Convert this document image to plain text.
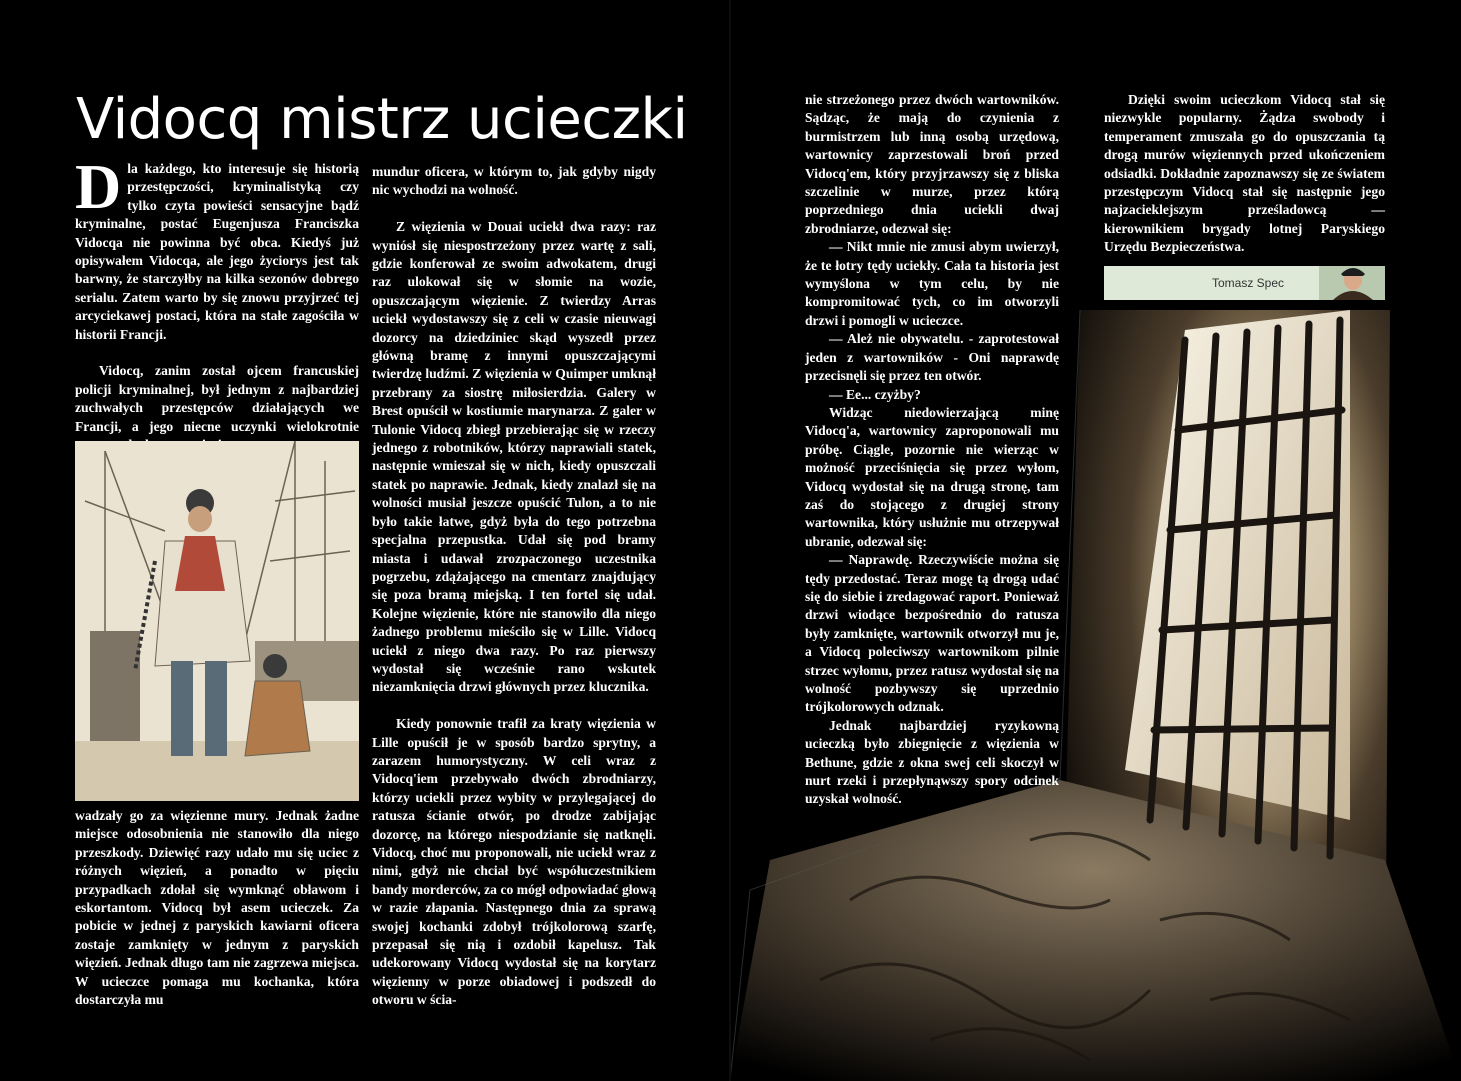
Vidocq mistrz ucieczki

Dla każdego, kto interesuje się historią przestępczości, kryminalistyką czy tylko czyta powieści sensacyjne bądź kryminalne, postać Eugenjusza Franciszka Vidocqa nie powinna być obca. Kiedyś już opisywałem Vidocqa, ale jego życiorys jest tak barwny, że starczyłby na kilka sezonów dobrego serialu. Zatem warto by się znowu przyjrzeć tej arcyciekawej postaci, która na stałe zagościła w historii Francji.

Vidocq, zanim został ojcem francuskiej policji kryminalnej, był jednym z najbardziej zuchwałych przestępców działających we Francji, a jego niecne uczynki wielokrotnie

wadzały go za więzienne mury. Jednak żadne miejsce odosobnienia nie stanowiło dla niego przeszkody. Dziewięć razy udało mu się uciec z różnych więzień, a ponadto w pięciu przypadkach zdołał się wymknąć obławom i eskortantom. Vidocq był asem ucieczek. Za pobicie w jednej z paryskich kawiarni oficera zostaje zamknięty w jednym z paryskich więzień. Jednak długo tam nie zagrzewa miejsca. W ucieczce pomaga mu kochanka, która dostarczyła mu

mundur oficera, w którym to, jak gdyby nigdy nic wychodzi na wolność.

Z więzienia w Douai uciekł dwa razy: raz wyniósł się niespostrzeżony przez wartę z sali, gdzie konferował ze swoim adwokatem, drugi raz ulokował się w słomie na wozie, opuszczającym więzienie. Z twierdzy Arras uciekł wydostawszy się z celi w czasie nieuwagi dozorcy na dziedziniec skąd wyszedł przez główną bramę z innymi opuszczającymi twierdzę ludźmi. Z więzienia w Quimper umknął przebrany za siostrę miłosierdzia. Galery w Brest opuścił w kostiumie marynarza. Z galer w Tulonie Vidocq zbiegł przebierając się w rzeczy jednego z robotników, którzy naprawiali statek, następnie wmieszał się w nich, kiedy opuszczali statek po naprawie. Jednak, kiedy znalazł się na wolności musiał jeszcze opuścić Tulon, a to nie było takie łatwe, gdyż była do tego potrzebna specjalna przepustka. Udał się pod bramy miasta i udawał zrozpaczonego uczestnika pogrzebu, zdążającego na cmentarz znajdujący się poza bramą miejską. I ten fortel się udał. Kolejne więzienie, które nie stanowiło dla niego żadnego problemu mieściło się w Lille. Vidocq uciekł z niego dwa razy. Po raz pierwszy wydostał się wcześnie rano wskutek niezamknięcia drzwi głównych przez klucznika.

Kiedy ponownie trafił za kraty więzienia w Lille opuścił je w sposób bardzo sprytny, a zarazem humorystyczny. W celi wraz z Vidocq'iem przebywało dwóch zbrodniarzy, którzy uciekli przez wybity w przylegającej do ratusza ścianie otwór, po drodze zabijając dozorcę, na którego niespodzianie się natknęli. Vidocq, choć mu proponowali, nie uciekł wraz z nimi, gdyż nie chciał być współuczestnikiem bandy morderców, za co mógł odpowiadać głową w razie złapania. Następnego dnia za sprawą swojej kochanki zdobył trójkolorową szarfę, przepasał się nią i ozdobił kapelusz. Tak udekorowany Vidocq wydostał się na korytarz więzienny w porze obiadowej i podszedł do otworu w ścia-

nie strzeżonego przez dwóch wartowników. Sądząc, że mają do czynienia z burmistrzem lub inną osobą urzędową, wartownicy zaprzestowali broń przed Vidocq'em, który przyjrzawszy się z bliska szczelinie w murze, przez którą poprzedniego dnia uciekli dwaj zbrodniarze, odezwał się:

— Nikt mnie nie zmusi abym uwierzył, że te łotry tędy uciekły. Cała ta historia jest wymyślona w tym celu, by nie kompromitować tych, co im otworzyli drzwi i pomogli w ucieczce.

— Ależ nie obywatelu. - zaprotestował jeden z wartowników - Oni naprawdę przecisnęli się przez ten otwór.

— Ee... czyżby?

Widząc niedowierzającą minę Vidocq'a, wartownicy zaproponowali mu próbę. Ciągle, pozornie nie wierząc w możność przeciśnięcia się przez wyłom, Vidocq wydostał się na drugą stronę, tam zaś do stojącego z drugiej strony wartownika, który usłużnie mu otrzepywał ubranie, odezwał się:

— Naprawdę. Rzeczywiście można się tędy przedostać. Teraz mogę tą drogą udać się do siebie i zredagować raport. Ponieważ drzwi wiodące bezpośrednio do ratusza były zamknięte, wartownik otworzył mu je, a Vidocq poleciwszy wartownikom pilnie strzec wyłomu, przez ratusz wydostał się na wolność pozbywszy się uprzednio trójkolorowych odznak.

Jednak najbardziej ryzykowną ucieczką było zbiegnięcie z więzienia w Bethune, gdzie z okna swej celi skoczył w nurt rzeki i przepłynąwszy spory odcinek uzyskał wolność.

Dzięki swoim ucieczkom Vidocq stał się niezwykle popularny. Żądza swobody i temperament zmuszała go do opuszczania tą drogą murów więziennych przed ukończeniem odsiadki. Dokładnie zapoznawszy się ze światem przestępczym Vidocq stał się następnie jego najzacieklejszym prześladowcą — kierownikiem brygady lotnej Paryskiego Urzędu Bezpieczeństwa.

Tomasz Spec
